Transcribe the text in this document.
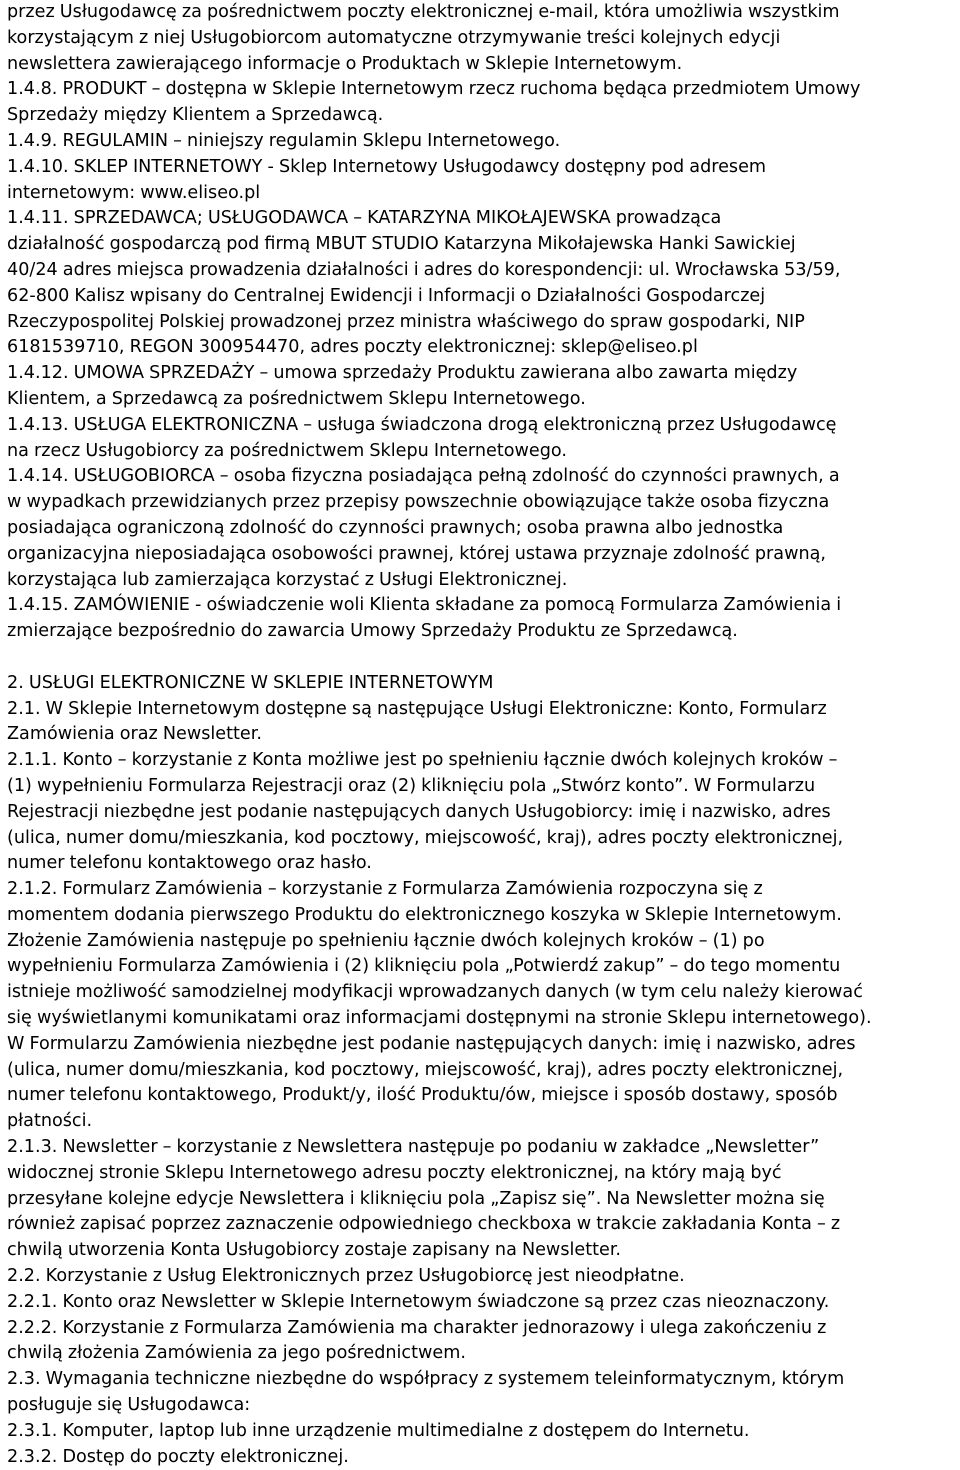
przez Usługodawcę za pośrednictwem poczty elektronicznej e-mail, która umożliwia wszystkim
korzystającym z niej Usługobiorcom automatyczne otrzymywanie treści kolejnych edycji
newslettera zawierającego informacje o Produktach w Sklepie Internetowym.

1.4.8. PRODUKT – dostępna w Sklepie Internetowym rzecz ruchoma będąca przedmiotem Umowy
Sprzedaży między Klientem a Sprzedawcą.

1.4.9. REGULAMIN – niniejszy regulamin Sklepu Internetowego.

1.4.10. SKLEP INTERNETOWY - Sklep Internetowy Usługodawcy dostępny pod adresem
internetowym: www.eliseo.pl

1.4.11. SPRZEDAWCA; USŁUGODAWCA – KATARZYNA MIKOŁAJEWSKA prowadząca
działalność gospodarczą pod firmą MBUT STUDIO Katarzyna Mikołajewska Hanki Sawickiej
40/24 adres miejsca prowadzenia działalności i adres do korespondencji: ul. Wrocławska 53/59,
62-800 Kalisz wpisany do Centralnej Ewidencji i Informacji o Działalności Gospodarczej
Rzeczypospolitej Polskiej prowadzonej przez ministra właściwego do spraw gospodarki, NIP
6181539710, REGON 300954470, adres poczty elektronicznej: sklep@eliseo.pl

1.4.12. UMOWA SPRZEDAŻY – umowa sprzedaży Produktu zawierana albo zawarta między
Klientem, a Sprzedawcą za pośrednictwem Sklepu Internetowego.

1.4.13. USŁUGA ELEKTRONICZNA – usługa świadczona drogą elektroniczną przez Usługodawcę
na rzecz Usługobiorcy za pośrednictwem Sklepu Internetowego.

1.4.14. USŁUGOBIORCA – osoba fizyczna posiadająca pełną zdolność do czynności prawnych, a
w wypadkach przewidzianych przez przepisy powszechnie obowiązujące także osoba fizyczna
posiadająca ograniczoną zdolność do czynności prawnych; osoba prawna albo jednostka
organizacyjna nieposiadająca osobowości prawnej, której ustawa przyznaje zdolność prawną,
korzystająca lub zamierzająca korzystać z Usługi Elektronicznej.

1.4.15. ZAMÓWIENIE - oświadczenie woli Klienta składane za pomocą Formularza Zamówienia i
zmierzające bezpośrednio do zawarcia Umowy Sprzedaży Produktu ze Sprzedawcą.

2. USŁUGI ELEKTRONICZNE W SKLEPIE INTERNETOWYM

2.1. W Sklepie Internetowym dostępne są następujące Usługi Elektroniczne: Konto, Formularz
Zamówienia oraz Newsletter.

2.1.1. Konto – korzystanie z Konta możliwe jest po spełnieniu łącznie dwóch kolejnych kroków –
(1) wypełnieniu Formularza Rejestracji oraz (2) kliknięciu pola „Stwórz konto”. W Formularzu
Rejestracji niezbędne jest podanie następujących danych Usługobiorcy: imię i nazwisko, adres
(ulica, numer domu/mieszkania, kod pocztowy, miejscowość, kraj), adres poczty elektronicznej,
numer telefonu kontaktowego oraz hasło.

2.1.2. Formularz Zamówienia – korzystanie z Formularza Zamówienia rozpoczyna się z
momentem dodania pierwszego Produktu do elektronicznego koszyka w Sklepie Internetowym.
Złożenie Zamówienia następuje po spełnieniu łącznie dwóch kolejnych kroków – (1) po
wypełnieniu Formularza Zamówienia i (2) kliknięciu pola „Potwierdź zakup” – do tego momentu
istnieje możliwość samodzielnej modyfikacji wprowadzanych danych (w tym celu należy kierować
się wyświetlanymi komunikatami oraz informacjami dostępnymi na stronie Sklepu internetowego).
W Formularzu Zamówienia niezbędne jest podanie następujących danych: imię i nazwisko, adres
(ulica, numer domu/mieszkania, kod pocztowy, miejscowość, kraj), adres poczty elektronicznej,
numer telefonu kontaktowego, Produkt/y, ilość Produktu/ów, miejsce i sposób dostawy, sposób
płatności.

2.1.3. Newsletter – korzystanie z Newslettera następuje po podaniu w zakładce „Newsletter”
widocznej stronie Sklepu Internetowego adresu poczty elektronicznej, na który mają być
przesyłane kolejne edycje Newslettera i kliknięciu pola „Zapisz się”. Na Newsletter można się
również zapisać poprzez zaznaczenie odpowiedniego checkboxa w trakcie zakładania Konta – z
chwilą utworzenia Konta Usługobiorcy zostaje zapisany na Newsletter.

2.2. Korzystanie z Usług Elektronicznych przez Usługobiorcę jest nieodpłatne.

2.2.1. Konto oraz Newsletter w Sklepie Internetowym świadczone są przez czas nieoznaczony.

2.2.2. Korzystanie z Formularza Zamówienia ma charakter jednorazowy i ulega zakończeniu z
chwilą złożenia Zamówienia za jego pośrednictwem.

2.3. Wymagania techniczne niezbędne do współpracy z systemem teleinformatycznym, którym
posługuje się Usługodawca:

2.3.1. Komputer, laptop lub inne urządzenie multimedialne z dostępem do Internetu.

2.3.2. Dostęp do poczty elektronicznej.
